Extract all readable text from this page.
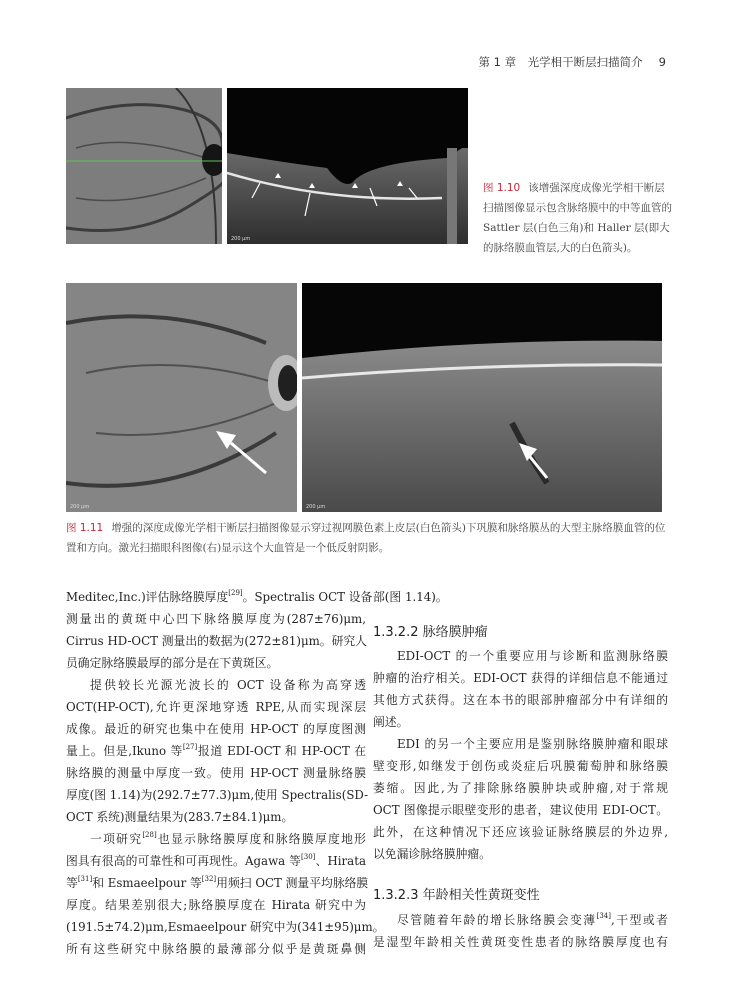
第 1 章　光学相干断层扫描简介 9
200 μm
图 1.10 该增强深度成像光学相干断层扫描图像显示包含脉络膜中的中等血管的 Sattler 层(白色三角)和 Haller 层(即大的脉络膜血管层,大的白色箭头)。
200 μm	200 μm
图 1.11 增强的深度成像光学相干断层扫描图像显示穿过视网膜色素上皮层(白色箭头)下巩膜和脉络膜丛的大型主脉络膜血管的位置和方向。激光扫描眼科图像(右)显示这个大血管是一个低反射阴影。
Meditec,Inc.)评估脉络膜厚度[29]。Spectralis OCT 设备
测量出的黄斑中心凹下脉络膜厚度为(287±76)μm,
Cirrus HD-OCT 测量出的数据为(272±81)μm。研究人
员确定脉络膜最厚的部分是在下黄斑区。
提供较长光源光波长的 OCT 设备称为高穿透
OCT(HP-OCT),允许更深地穿透 RPE,从而实现深层
成像。最近的研究也集中在使用 HP-OCT 的厚度图测
量上。但是,Ikuno 等[27]报道 EDI-OCT 和 HP-OCT 在
脉络膜的测量中厚度一致。使用 HP-OCT 测量脉络膜
厚度(图 1.14)为(292.7±77.3)μm,使用 Spectralis(SD-
OCT 系统)测量结果为(283.7±84.1)μm。
一项研究[28]也显示脉络膜厚度和脉络膜厚度地形
图具有很高的可靠性和可再现性。Agawa 等[30]、Hirata
等[31]和 Esmaeelpour 等[32]用频扫 OCT 测量平均脉络膜
厚度。结果差别很大;脉络膜厚度在 Hirata 研究中为
(191.5±74.2)μm,Esmaeelpour 研究中为(341±95)μm。
所有这些研究中脉络膜的最薄部分似乎是黄斑鼻侧
部(图 1.14)。
1.3.2.2 脉络膜肿瘤
EDI-OCT 的一个重要应用与诊断和监测脉络膜
肿瘤的治疗相关。EDI-OCT 获得的详细信息不能通过
其他方式获得。这在本书的眼部肿瘤部分中有详细的
阐述。
EDI 的另一个主要应用是鉴别脉络膜肿瘤和眼球
壁变形,如继发于创伤或炎症后巩膜葡萄肿和脉络膜
萎缩。因此,为了排除脉络膜肿块或肿瘤,对于常规
OCT 图像提示眼壁变形的患者，建议使用 EDI-OCT。
此外，在这种情况下还应该验证脉络膜层的外边界,
以免漏诊脉络膜肿瘤。
1.3.2.3 年龄相关性黄斑变性
尽管随着年龄的增长脉络膜会变薄[34],干型或者
是湿型年龄相关性黄斑变性患者的脉络膜厚度也有
